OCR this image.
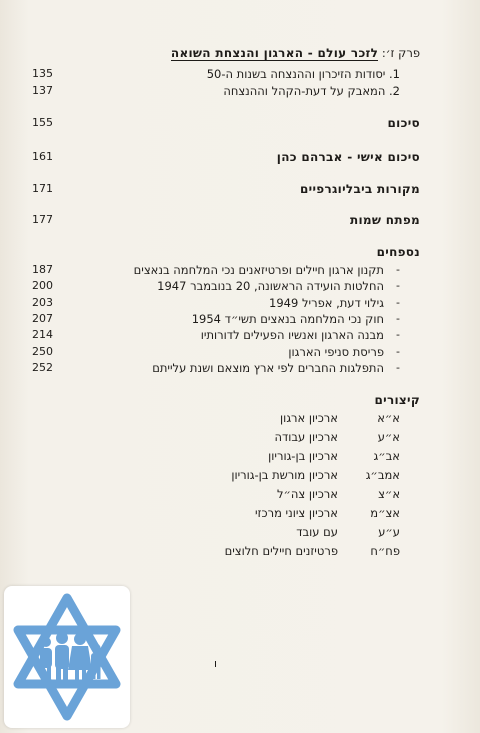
פרק ז׳: לזכר עולם - הארגון והנצחת השואה
1. יסודות הזיכרון וההנצחה בשנות ה-50
135
2. המאבק על דעת-הקהל וההנצחה
137
סיכום
155
סיכום אישי - אברהם כהן
161
מקורות ביבליוגרפיים
171
מפתח שמות
177
נספחים
-
תקנון ארגון חיילים ופרטיזאנים נכי המלחמה בנאצים
187
-
החלטות הועידה הראשונה, 20 בנובמבר 1947
200
-
גילוי דעת, אפריל 1949
203
-
חוק נכי המלחמה בנאצים תשי״ד 1954
207
-
מבנה הארגון ואנשיו הפעילים לדורותיו
214
-
פריסת סניפי הארגון
250
-
התפלגות החברים לפי ארץ מוצאם ושנת עלייתם
252
קיצורים
א״א
ארכיון ארגון
א״ע
ארכיון עבודה
אב״ג
ארכיון בן-גוריון
אמב״ג
ארכיון מורשת בן-גוריון
א״צ
ארכיון צה״ל
אצ״מ
ארכיון ציוני מרכזי
ע״ע
עם עובד
פח״ח
פרטיזנים חיילים חלוצים
ו
